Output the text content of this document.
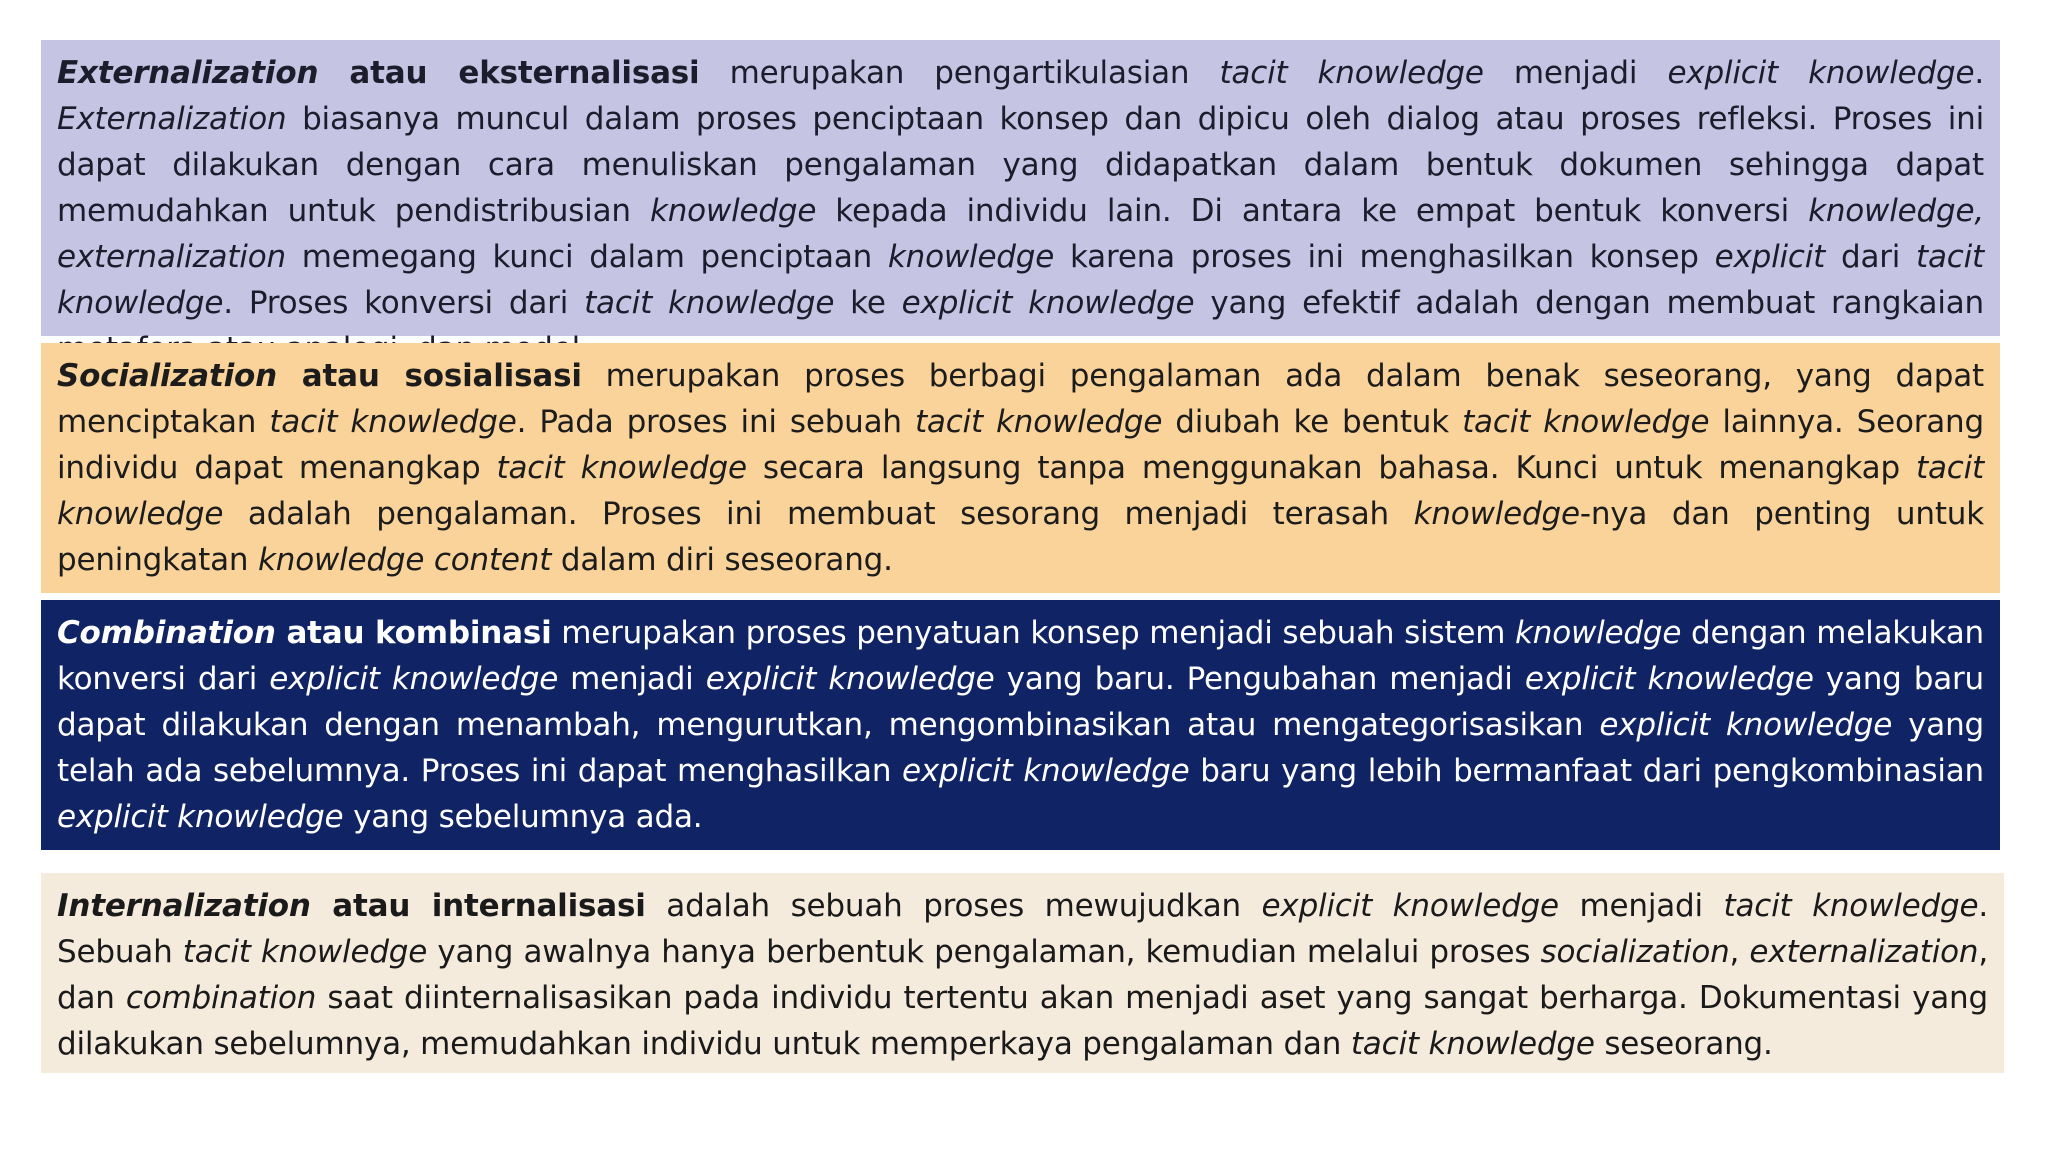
Externalization atau eksternalisasi merupakan pengartikulasian tacit knowledge menjadi explicit knowledge. Externalization biasanya muncul dalam proses penciptaan konsep dan dipicu oleh dialog atau proses refleksi. Proses ini dapat dilakukan dengan cara menuliskan pengalaman yang didapatkan dalam bentuk dokumen sehingga dapat memudahkan untuk pendistribusian knowledge kepada individu lain. Di antara ke empat bentuk konversi knowledge, externalization memegang kunci dalam penciptaan knowledge karena proses ini menghasilkan konsep explicit dari tacit knowledge. Proses konversi dari tacit knowledge ke explicit knowledge yang efektif adalah dengan membuat rangkaian

Socialization atau sosialisasi merupakan proses berbagi pengalaman ada dalam benak seseorang, yang dapat menciptakan tacit knowledge. Pada proses ini sebuah tacit knowledge diubah ke bentuk tacit knowledge lainnya. Seorang individu dapat menangkap tacit knowledge secara langsung tanpa menggunakan bahasa. Kunci untuk menangkap tacit knowledge adalah pengalaman. Proses ini membuat sesorang menjadi terasah knowledge-nya dan penting untuk peningkatan knowledge content dalam diri seseorang.

Combination atau kombinasi merupakan proses penyatuan konsep menjadi sebuah sistem knowledge dengan melakukan konversi dari explicit knowledge menjadi explicit knowledge yang baru. Pengubahan menjadi explicit knowledge yang baru dapat dilakukan dengan menambah, mengurutkan, mengombinasikan atau mengategorisasikan explicit knowledge yang telah ada sebelumnya. Proses ini dapat menghasilkan explicit knowledge baru yang lebih bermanfaat dari pengkombinasian explicit knowledge yang sebelumnya ada.

Internalization atau internalisasi adalah sebuah proses mewujudkan explicit knowledge menjadi tacit knowledge. Sebuah tacit knowledge yang awalnya hanya berbentuk pengalaman, kemudian melalui proses socialization, externalization, dan combination saat diinternalisasikan pada individu tertentu akan menjadi aset yang sangat berharga. Dokumentasi yang dilakukan sebelumnya, memudahkan individu untuk memperkaya pengalaman dan tacit knowledge seseorang.
